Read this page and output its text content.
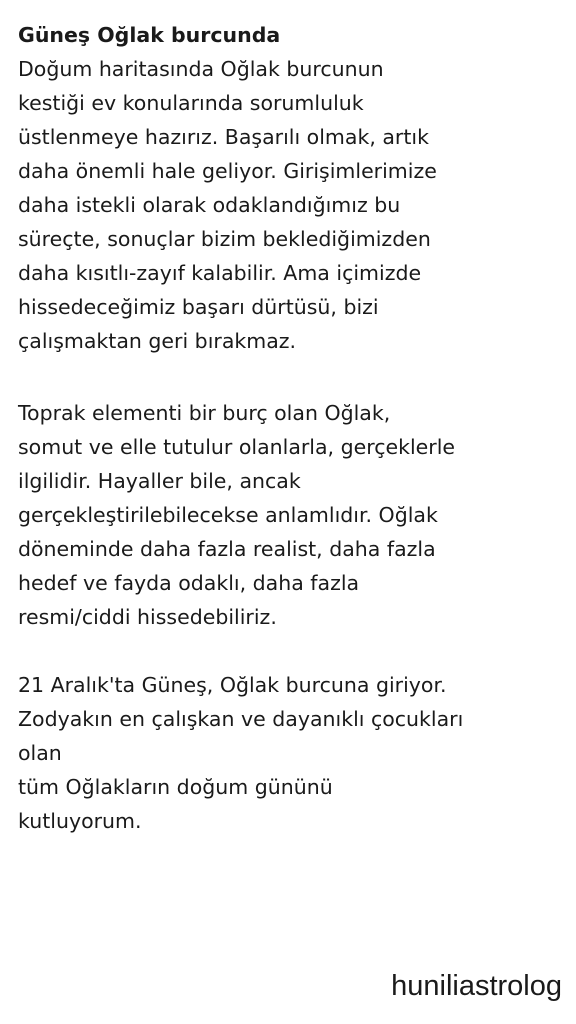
Güneş Oğlak burcunda

Doğum haritasında Oğlak burcunun
kestiği ev konularında sorumluluk
üstlenmeye hazırız. Başarılı olmak, artık
daha önemli hale geliyor. Girişimlerimize
daha istekli olarak odaklandığımız bu
süreçte, sonuçlar bizim beklediğimizden
daha kısıtlı-zayıf kalabilir. Ama içimizde
hissedeceğimiz başarı dürtüsü, bizi
çalışmaktan geri bırakmaz.

Toprak elementi bir burç olan Oğlak,
somut ve elle tutulur olanlarla, gerçeklerle
ilgilidir. Hayaller bile, ancak
gerçekleştirilebilecekse anlamlıdır. Oğlak
döneminde daha fazla realist, daha fazla
hedef ve fayda odaklı, daha fazla
resmi/ciddi hissedebiliriz.

21 Aralık'ta Güneş, Oğlak burcuna giriyor.
Zodyakın en çalışkan ve dayanıklı çocukları
olan
tüm Oğlakların doğum gününü
kutluyorum.

huniliastrolog
